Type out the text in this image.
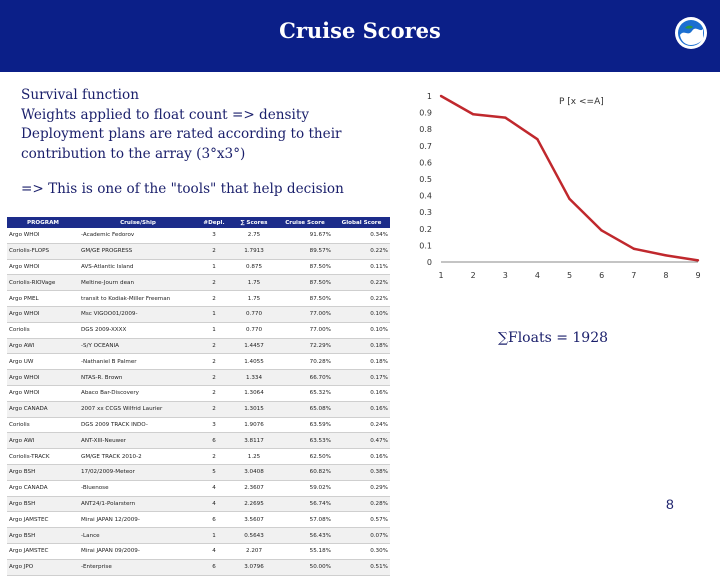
Cruise Scores
Survival function
Weights applied to float count => density
Deployment plans are rated according to their
contribution to the array (3°x3°)
=> This is one of the "tools" that help decision
PROGRAM	Cruise/Ship	#Depl.	∑ Scores	Cruise Score	Global Score
Argo WHOI	-Academic Fedorov	3	2.75	91.67%	0.34%
Coriolis-FLOPS	GM/GE PROGRESS	2	1.7913	89.57%	0.22%
Argo WHOI	AVS-Atlantic Island	1	0.875	87.50%	0.11%
Coriolis-RIOVage	Meltine-Journ dean	2	1.75	87.50%	0.22%
Argo PMEL	transit to Kodiak-Miller Freeman	2	1.75	87.50%	0.22%
Argo WHOI	Msc VIGOO01/2009-	1	0.770	77.00%	0.10%
Coriolis	DGS 2009-XXXX	1	0.770	77.00%	0.10%
Argo AWI	-S/Y OCEANIA	2	1.4457	72.29%	0.18%
Argo UW	-Nathaniel B Palmer	2	1.4055	70.28%	0.18%
Argo WHOI	NTAS-R. Brown	2	1.334	66.70%	0.17%
Argo WHOI	Abaco Bar-Discovery	2	1.3064	65.32%	0.16%
Argo CANADA	2007 xx CCGS Wilfrid Laurier	2	1.3015	65.08%	0.16%
Coriolis	DGS 2009 TRACK INDO-	3	1.9076	63.59%	0.24%
Argo AWI	ANT-XIII-Neuwer	6	3.8117	63.53%	0.47%
Coriolis-TRACK	GM/GE TRACK 2010-2	2	1.25	62.50%	0.16%
Argo BSH	17/02/2009-Meteor	5	3.0408	60.82%	0.38%
Argo CANADA	-Bluenose	4	2.3607	59.02%	0.29%
Argo BSH	ANT24/1-Polarstern	4	2.2695	56.74%	0.28%
Argo JAMSTEC	Mirai JAPAN 12/2009-	6	3.5607	57.08%	0.57%
Argo BSH	-Lance	1	0.5643	56.43%	0.07%
Argo JAMSTEC	Mirai JAPAN 09/2009-	4	2.207	55.18%	0.30%
Argo JPO	-Enterprise	6	3.0796	50.00%	0.51%
0
0.1
0.2
0.3
0.4
0.5
0.6
0.7
0.8
0.9
1
1	2	3	4	5	6	7	8	9
P [x <=A]
∑Floats = 1928
8
